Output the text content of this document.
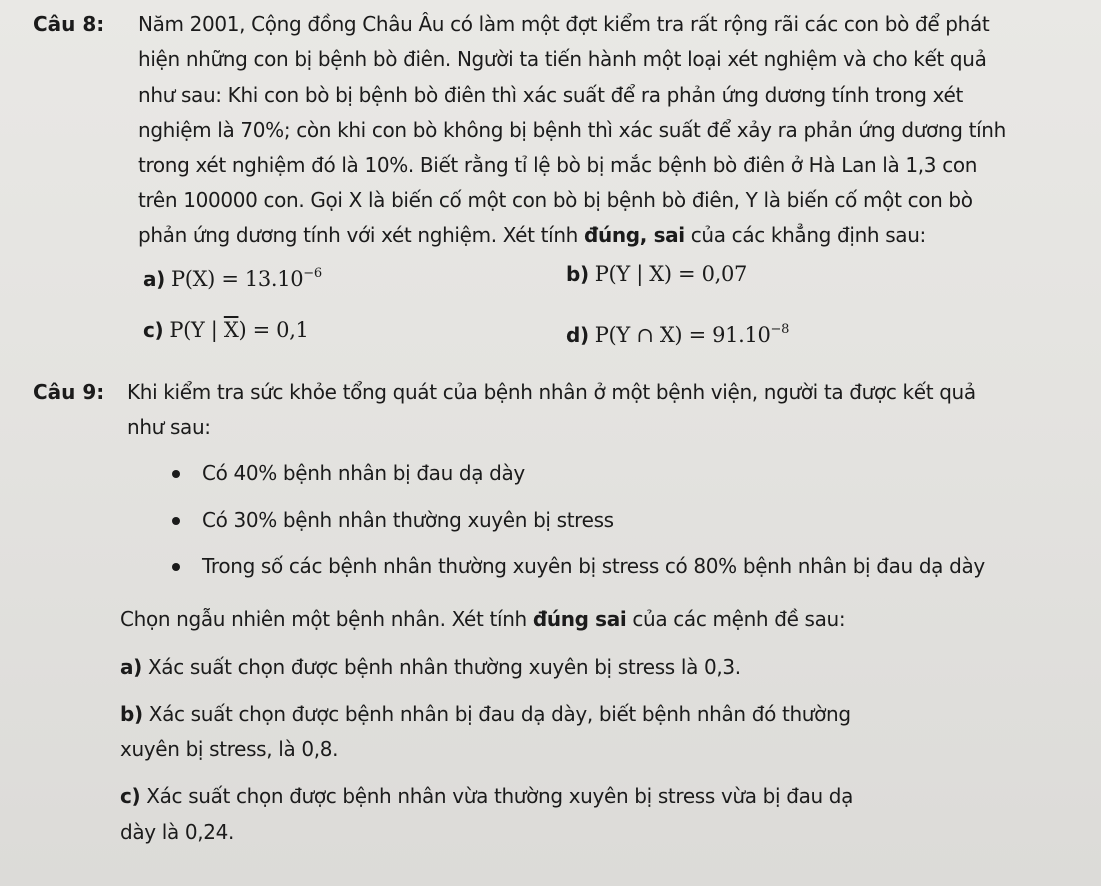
Câu 8: Năm 2001, Cộng đồng Châu Âu có làm một đợt kiểm tra rất rộng rãi các con bò để phát
hiện những con bị bệnh bò điên. Người ta tiến hành một loại xét nghiệm và cho kết quả
như sau: Khi con bò bị bệnh bò điên thì xác suất để ra phản ứng dương tính trong xét
nghiệm là 70%; còn khi con bò không bị bệnh thì xác suất để xảy ra phản ứng dương tính
trong xét nghiệm đó là 10%. Biết rằng tỉ lệ bò bị mắc bệnh bò điên ở Hà Lan là 1,3 con
trên 100000 con. Gọi X là biến cố một con bò bị bệnh bò điên, Y là biến cố một con bò
phản ứng dương tính với xét nghiệm. Xét tính đúng, sai của các khẳng định sau:
a) $P(X) = 13.10^{-6}$	b) P(Y | X) = 0,07
c) P(Y | $\overline{X}) = 0,1$	d) P(Y ∩ $X) = 91.10^{-8}$
Câu 9: Khi kiểm tra sức khỏe tổng quát của bệnh nhân ở một bệnh viện, người ta được kết quả
như sau:
Có 40% bệnh nhân bị đau dạ dày
Có 30% bệnh nhân thường xuyên bị stress
Trong số các bệnh nhân thường xuyên bị stress có 80% bệnh nhân bị đau dạ dày
Chọn ngẫu nhiên một bệnh nhân. Xét tính đúng sai của các mệnh đề sau:
a) Xác suất chọn được bệnh nhân thường xuyên bị stress là 0,3.
b) Xác suất chọn được bệnh nhân bị đau dạ dày, biết bệnh nhân đó thường
xuyên bị stress, là 0,8.
c) Xác suất chọn được bệnh nhân vừa thường xuyên bị stress vừa bị đau dạ
dày là 0,24.
